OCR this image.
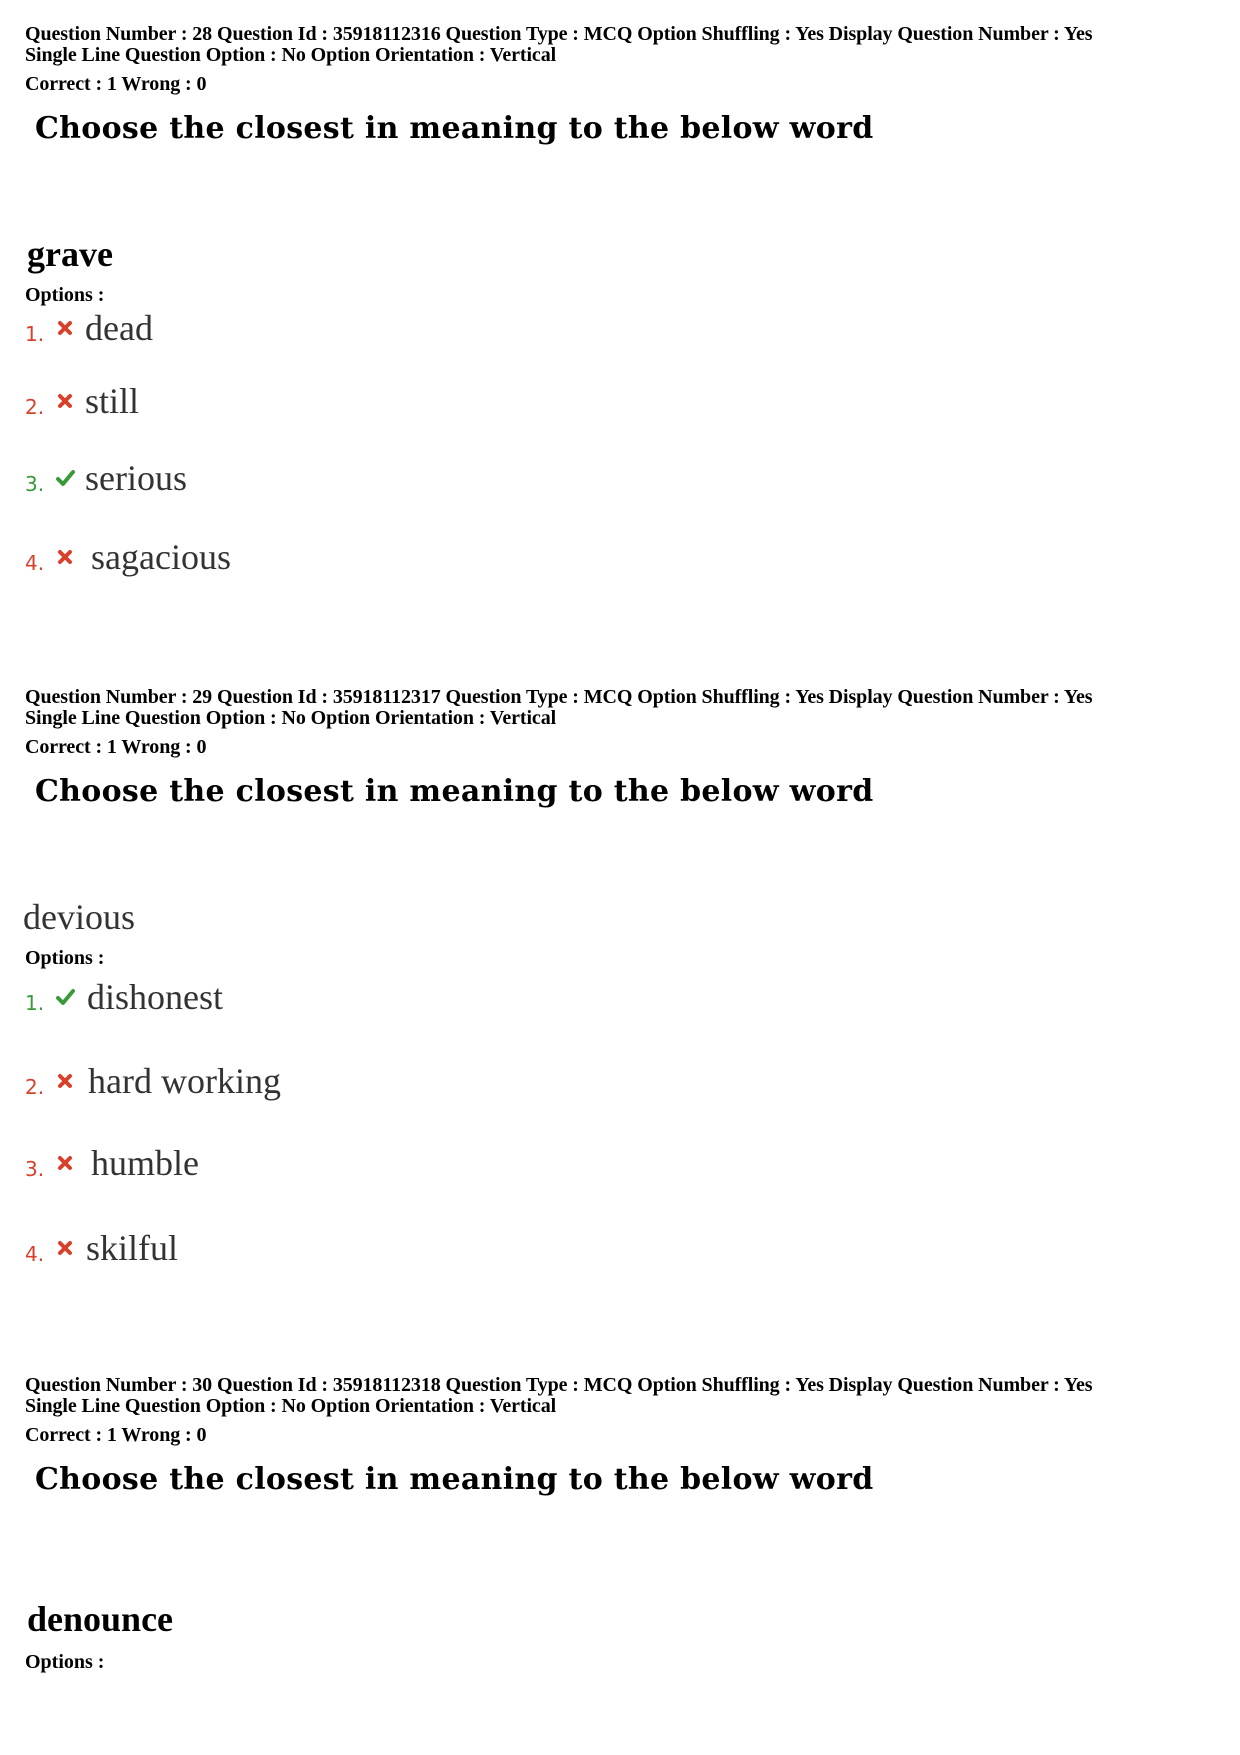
Question Number : 28 Question Id : 35918112316 Question Type : MCQ Option Shuffling : Yes Display Question Number : Yes

Single Line Question Option : No Option Orientation : Vertical

Correct : 1 Wrong : 0

Choose the closest in meaning to the below word

grave

Options :

1. dead
2. still
3. serious
4. sagacious

Question Number : 29 Question Id : 35918112317 Question Type : MCQ Option Shuffling : Yes Display Question Number : Yes

Single Line Question Option : No Option Orientation : Vertical

Correct : 1 Wrong : 0

Choose the closest in meaning to the below word

devious

Options :

1. dishonest
2. hard working
3. humble
4. skilful

Question Number : 30 Question Id : 35918112318 Question Type : MCQ Option Shuffling : Yes Display Question Number : Yes

Single Line Question Option : No Option Orientation : Vertical

Correct : 1 Wrong : 0

Choose the closest in meaning to the below word

denounce

Options :
